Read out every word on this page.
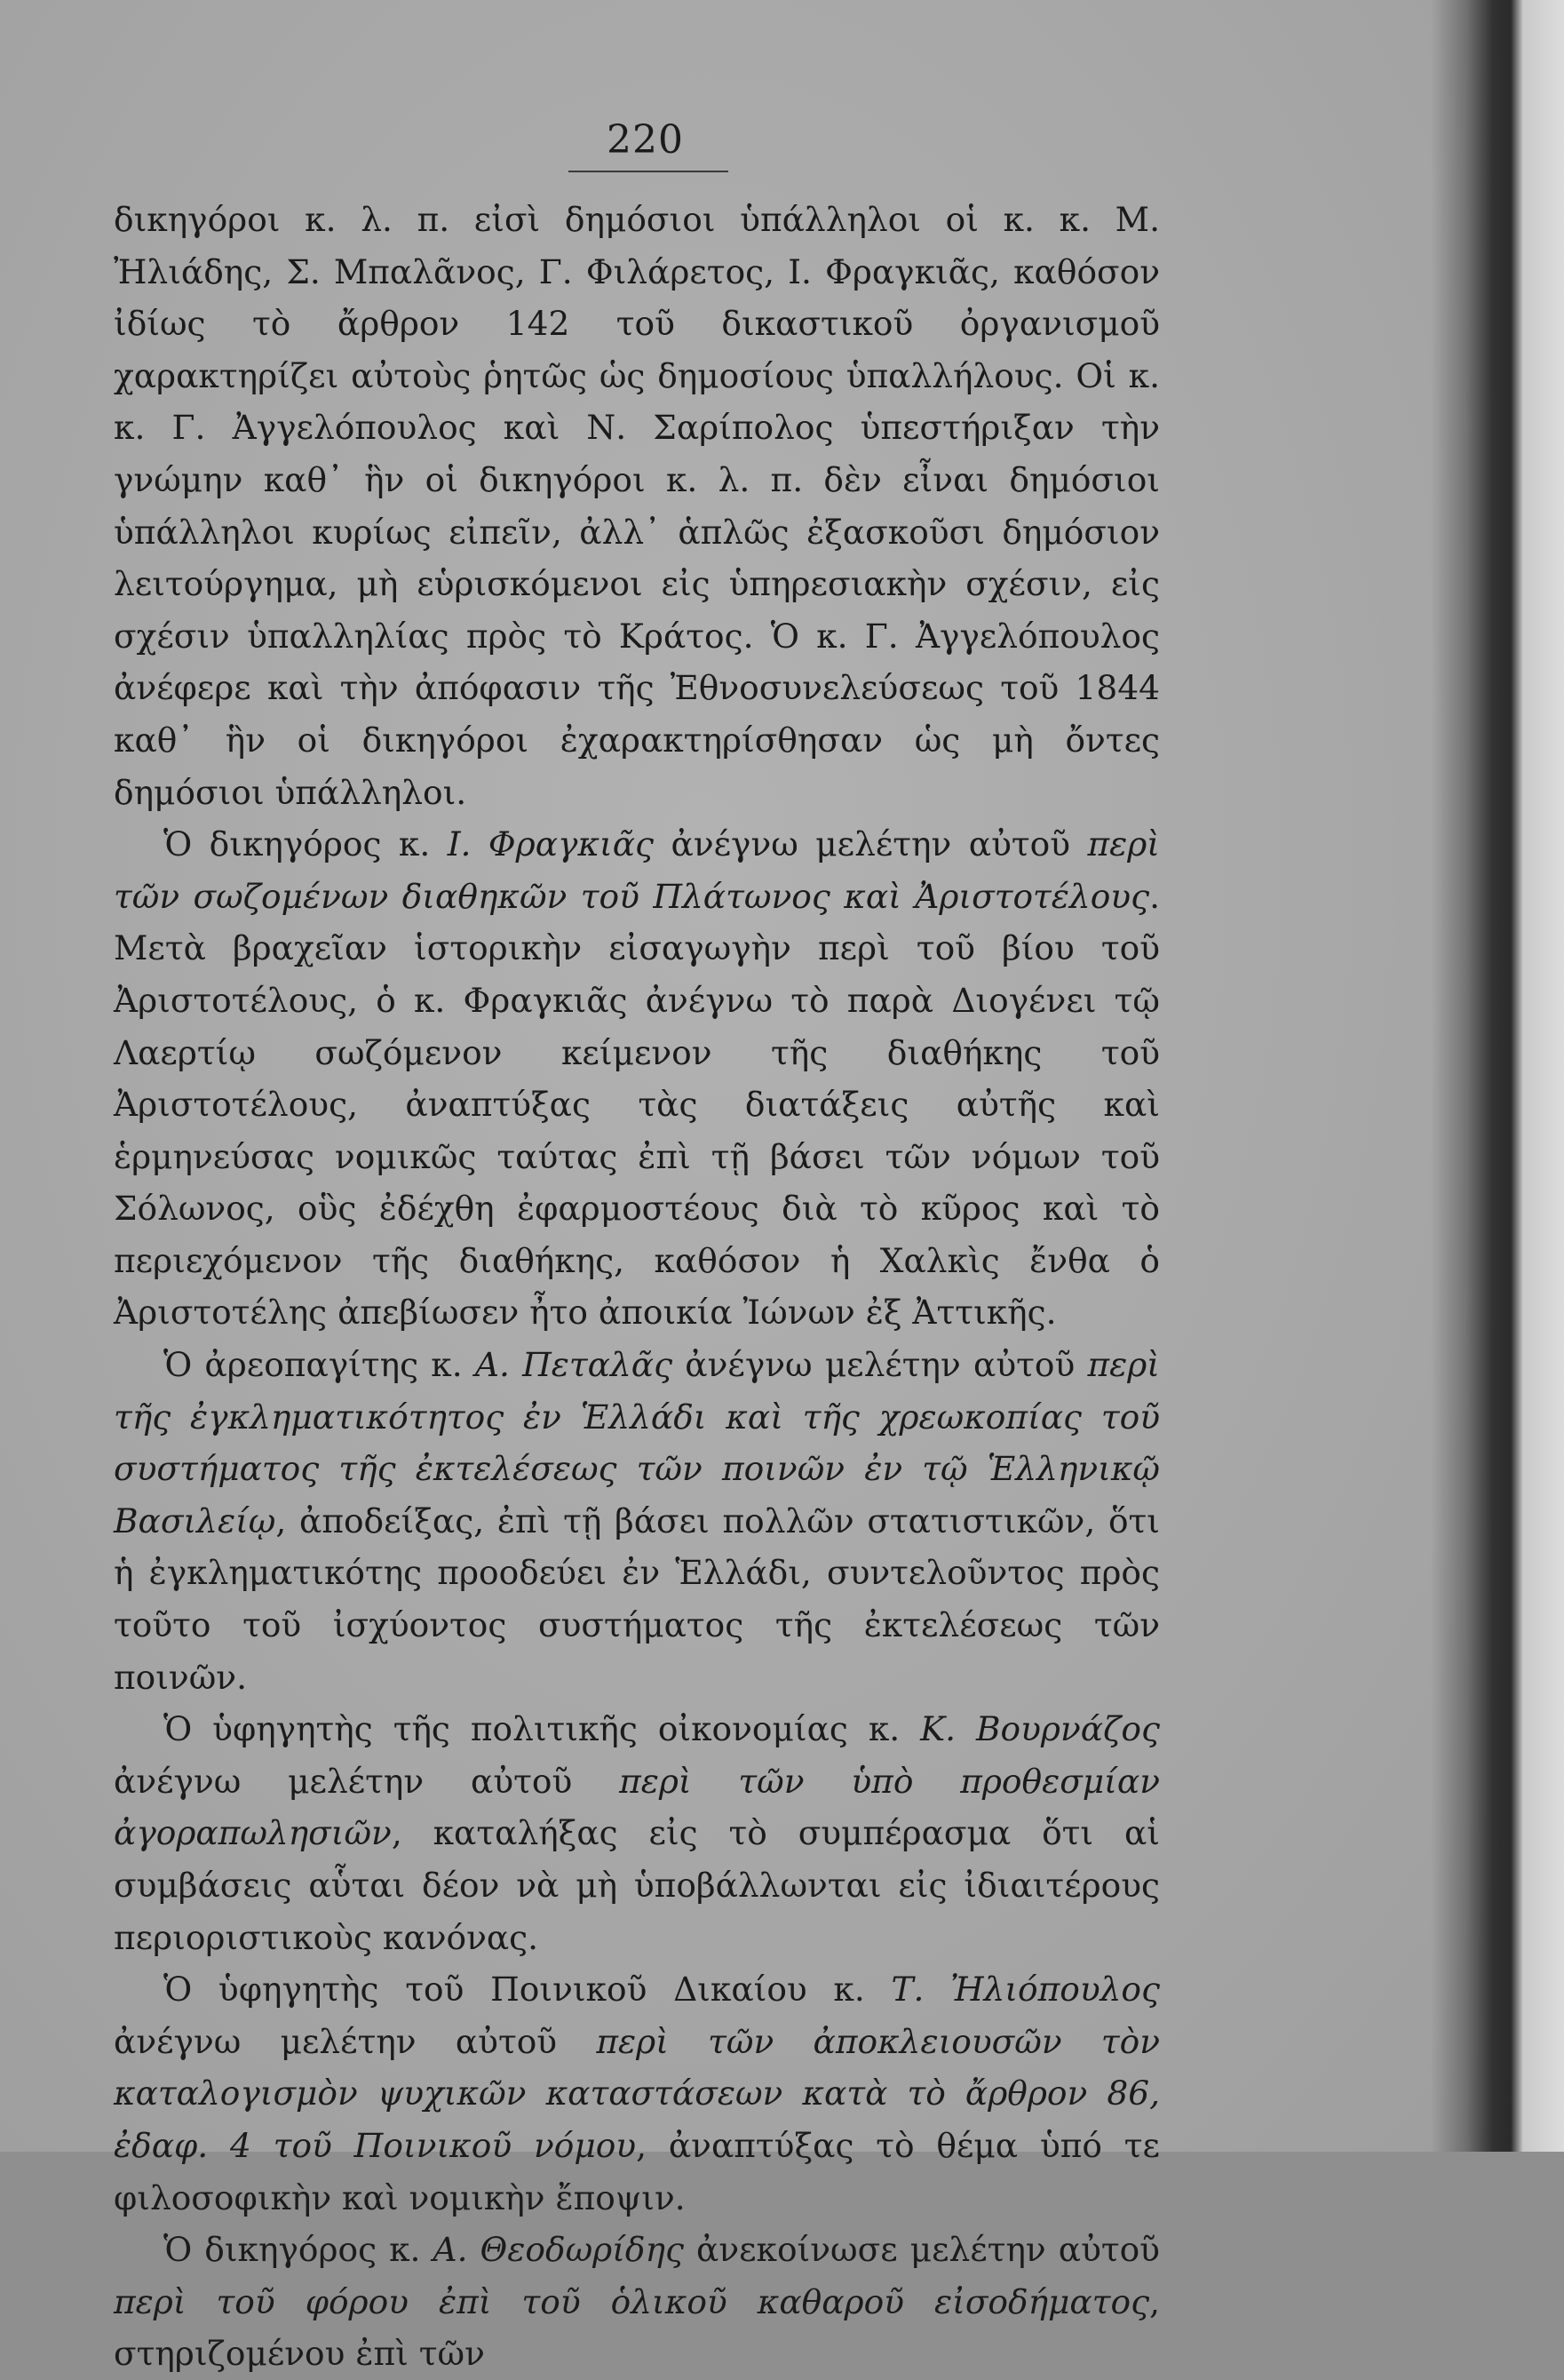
220

δικηγόροι κ. λ. π. εἰσὶ δημόσιοι ὑπάλληλοι οἱ κ. κ. Μ. Ἠλιάδης, Σ. Μπαλᾶνος, Γ. Φιλάρετος, Ι. Φραγκιᾶς, καθόσον ἰδίως τὸ ἄρθρον 142 τοῦ δικαστικοῦ ὀργανισμοῦ χαρακτηρίζει αὐτοὺς ῥητῶς ὡς δημοσίους ὑπαλλήλους. Οἱ κ. κ. Γ. Ἀγγελόπουλος καὶ Ν. Σαρίπολος ὑπεστήριξαν τὴν γνώμην καθ᾽ ἣν οἱ δικηγόροι κ. λ. π. δὲν εἶναι δημόσιοι ὑπάλληλοι κυρίως εἰπεῖν, ἀλλ᾽ ἁπλῶς ἐξασκοῦσι δημόσιον λειτούργημα, μὴ εὑρισκόμενοι εἰς ὑπηρεσιακὴν σχέσιν, εἰς σχέσιν ὑπαλληλίας πρὸς τὸ Κράτος. Ὁ κ. Γ. Ἀγγελόπουλος ἀνέφερε καὶ τὴν ἀπόφασιν τῆς Ἐθνοσυνελεύσεως τοῦ 1844 καθ᾽ ἣν οἱ δικηγόροι ἐχαρακτηρίσθησαν ὡς μὴ ὄντες δημόσιοι ὑπάλληλοι.

Ὁ δικηγόρος κ. Ι. Φραγκιᾶς ἀνέγνω μελέτην αὐτοῦ περὶ τῶν σωζομένων διαθηκῶν τοῦ Πλάτωνος καὶ Ἀριστοτέλους. Μετὰ βραχεῖαν ἱστορικὴν εἰσαγωγὴν περὶ τοῦ βίου τοῦ Ἀριστοτέλους, ὁ κ. Φραγκιᾶς ἀνέγνω τὸ παρὰ Διογένει τῷ Λαερτίῳ σωζόμενον κείμενον τῆς διαθήκης τοῦ Ἀριστοτέλους, ἀναπτύξας τὰς διατάξεις αὐτῆς καὶ ἑρμηνεύσας νομικῶς ταύτας ἐπὶ τῇ βάσει τῶν νόμων τοῦ Σόλωνος, οὓς ἐδέχθη ἐφαρμοστέους διὰ τὸ κῦρος καὶ τὸ περιεχόμενον τῆς διαθήκης, καθόσον ἡ Χαλκὶς ἔνθα ὁ Ἀριστοτέλης ἀπεβίωσεν ἦτο ἀποικία Ἰώνων ἐξ Ἀττικῆς.

Ὁ ἀρεοπαγίτης κ. Α. Πεταλᾶς ἀνέγνω μελέτην αὐτοῦ περὶ τῆς ἐγκληματικότητος ἐν Ἑλλάδι καὶ τῆς χρεωκοπίας τοῦ συστήματος τῆς ἐκτελέσεως τῶν ποινῶν ἐν τῷ Ἑλληνικῷ Βασιλείῳ, ἀποδείξας, ἐπὶ τῇ βάσει πολλῶν στατιστικῶν, ὅτι ἡ ἐγκληματικότης προοδεύει ἐν Ἑλλάδι, συντελοῦντος πρὸς τοῦτο τοῦ ἰσχύοντος συστήματος τῆς ἐκτελέσεως τῶν ποινῶν.

Ὁ ὑφηγητὴς τῆς πολιτικῆς οἰκονομίας κ. Κ. Βουρνάζος ἀνέγνω μελέτην αὐτοῦ περὶ τῶν ὑπὸ προθεσμίαν ἀγοραπωλησιῶν, καταλήξας εἰς τὸ συμπέρασμα ὅτι αἱ συμβάσεις αὗται δέον νὰ μὴ ὑποβάλλωνται εἰς ἰδιαιτέρους περιοριστικοὺς κανόνας.

Ὁ ὑφηγητὴς τοῦ Ποινικοῦ Δικαίου κ. Τ. Ἠλιόπουλος ἀνέγνω μελέτην αὐτοῦ περὶ τῶν ἀποκλειουσῶν τὸν καταλογισμὸν ψυχικῶν καταστάσεων κατὰ τὸ ἄρθρον 86, ἐδαφ. 4 τοῦ Ποινικοῦ νόμου, ἀναπτύξας τὸ θέμα ὑπό τε φιλοσοφικὴν καὶ νομικὴν ἔποψιν.

Ὁ δικηγόρος κ. Α. Θεοδωρίδης ἀνεκοίνωσε μελέτην αὐτοῦ περὶ τοῦ φόρου ἐπὶ τοῦ ὁλικοῦ καθαροῦ εἰσοδήματος, στηριζομένου ἐπὶ τῶν
